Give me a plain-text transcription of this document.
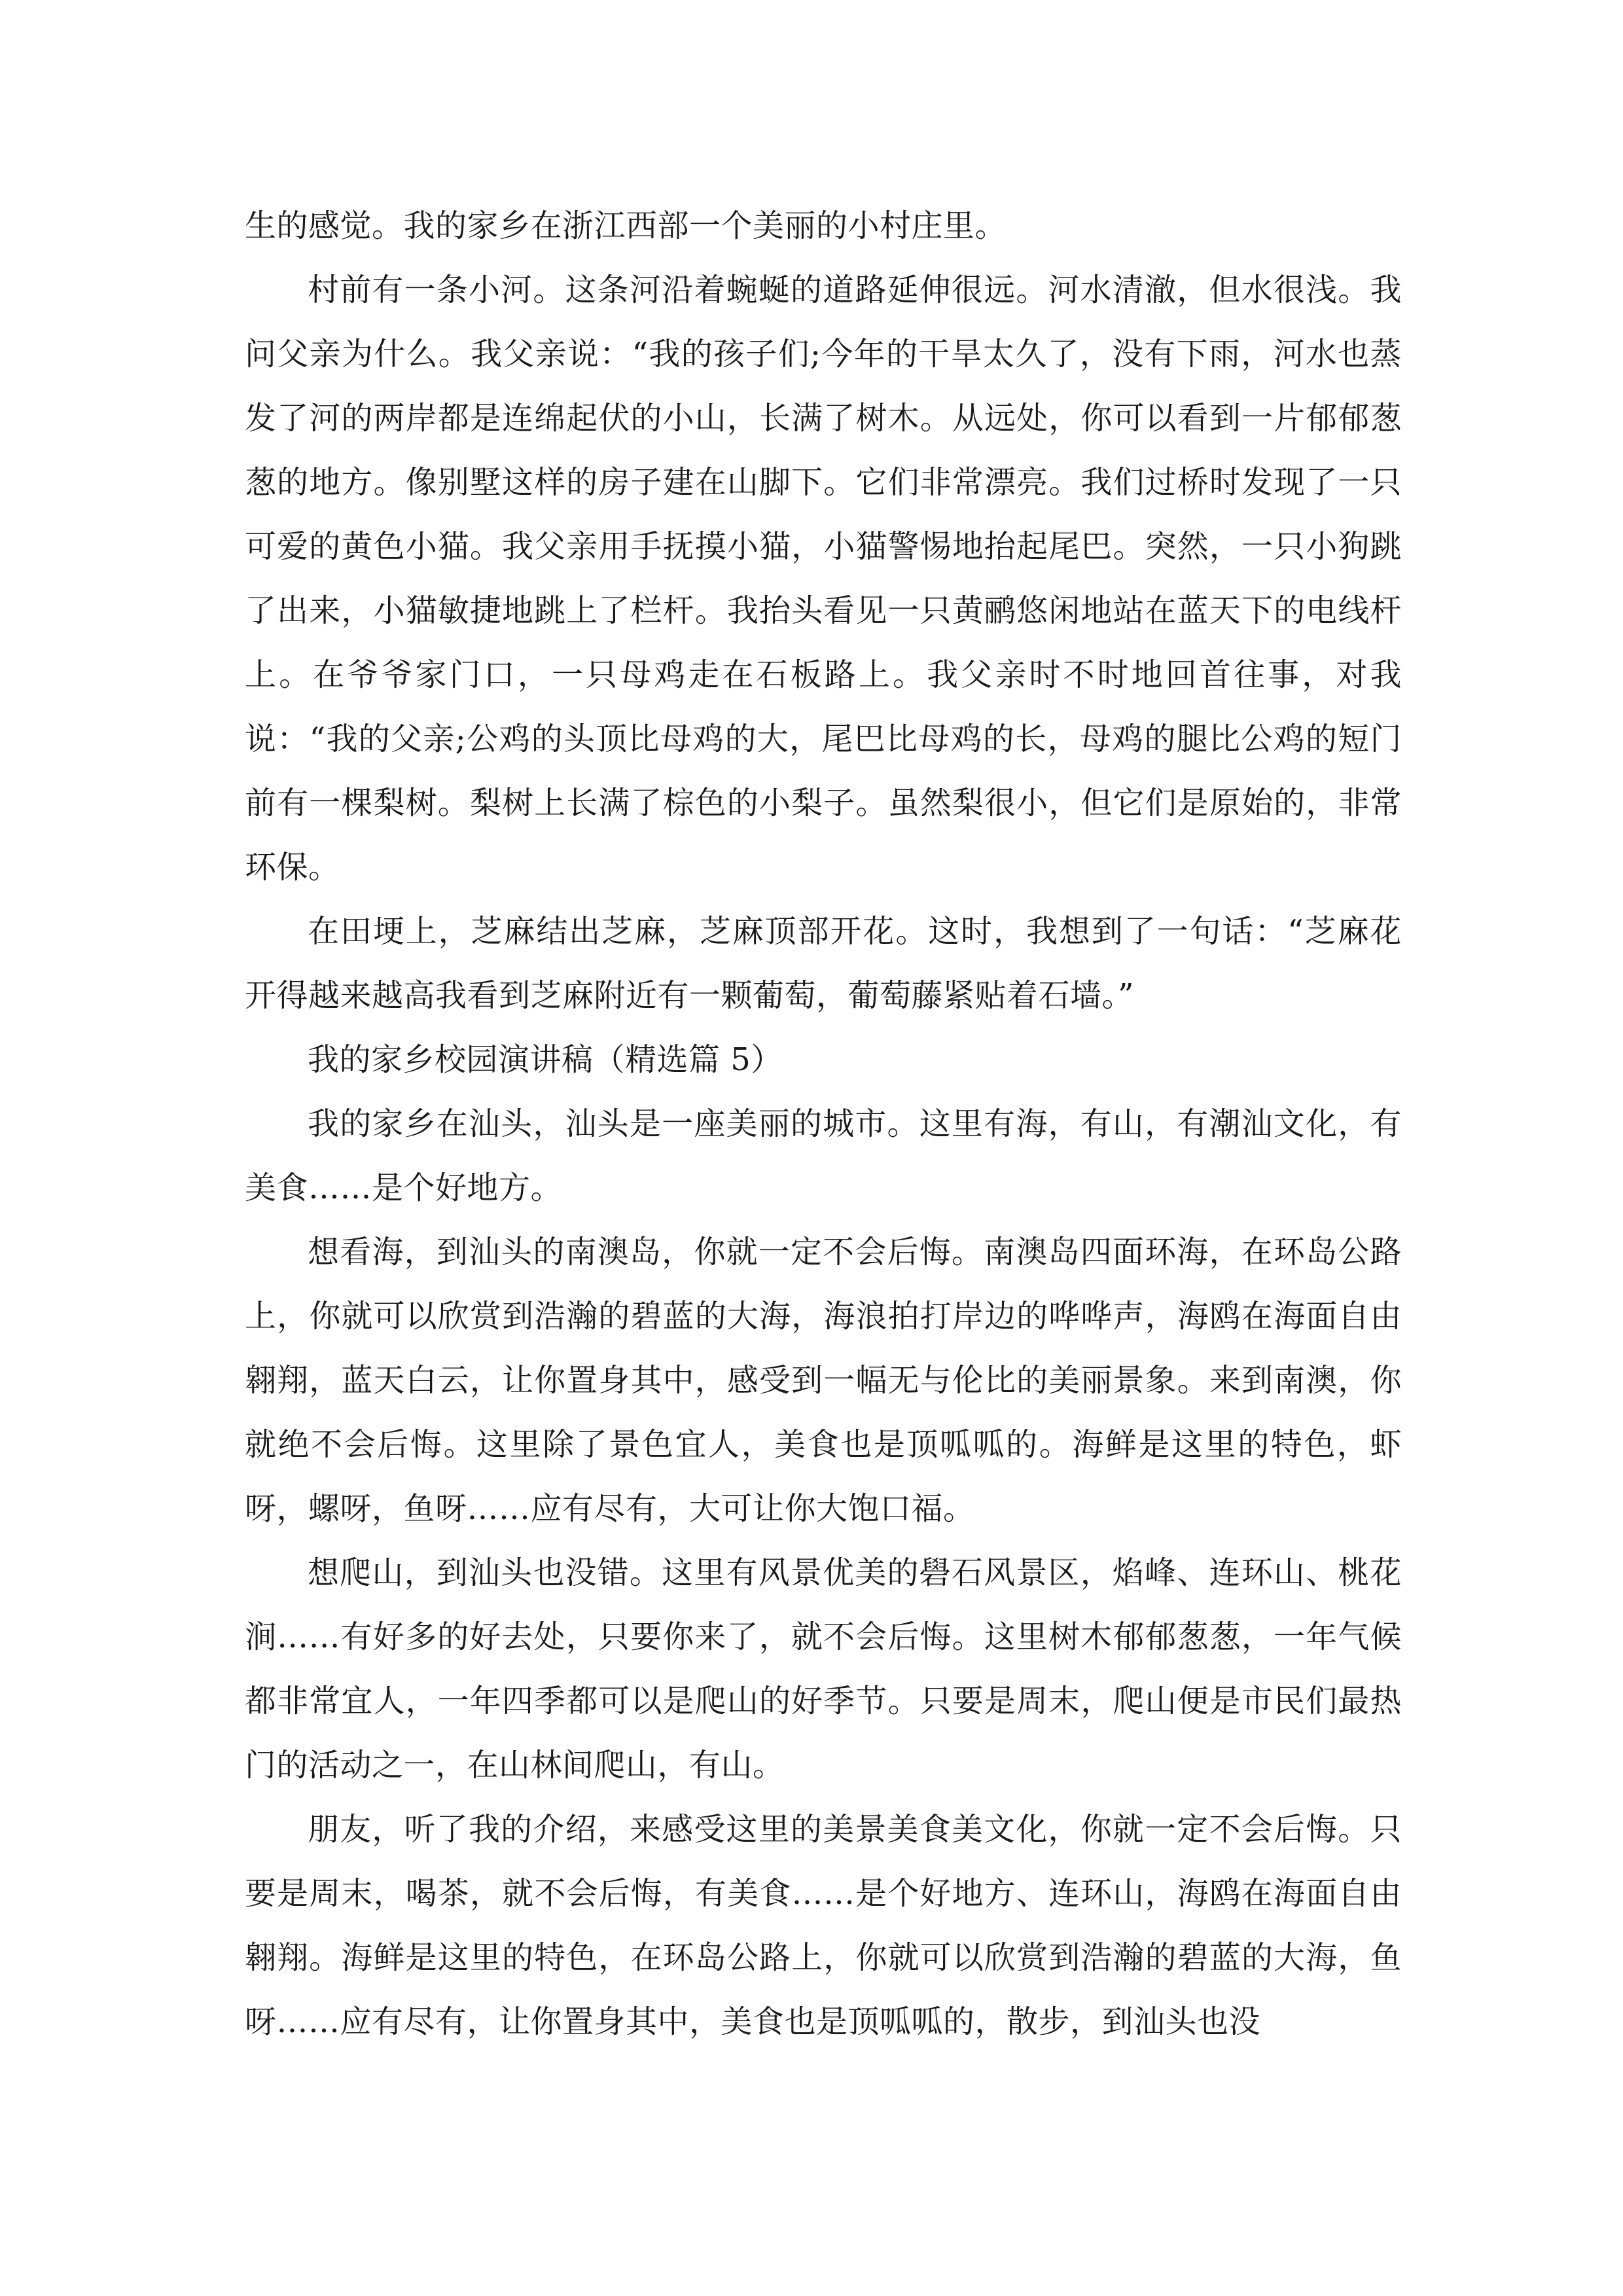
生的感觉。我的家乡在浙江西部一个美丽的小村庄里。

村前有一条小河。这条河沿着蜿蜒的道路延伸很远。河水清澈，但水很浅。我问父亲为什么。我父亲说：“我的孩子们;今年的干旱太久了，没有下雨，河水也蒸发了河的两岸都是连绵起伏的小山，长满了树木。从远处，你可以看到一片郁郁葱葱的地方。像别墅这样的房子建在山脚下。它们非常漂亮。我们过桥时发现了一只可爱的黄色小猫。我父亲用手抚摸小猫，小猫警惕地抬起尾巴。突然，一只小狗跳了出来，小猫敏捷地跳上了栏杆。我抬头看见一只黄鹂悠闲地站在蓝天下的电线杆上。在爷爷家门口，一只母鸡走在石板路上。我父亲时不时地回首往事，对我说：“我的父亲;公鸡的头顶比母鸡的大，尾巴比母鸡的长，母鸡的腿比公鸡的短门前有一棵梨树。梨树上长满了棕色的小梨子。虽然梨很小，但它们是原始的，非常环保。

在田埂上，芝麻结出芝麻，芝麻顶部开花。这时，我想到了一句话：“芝麻花开得越来越高我看到芝麻附近有一颗葡萄，葡萄藤紧贴着石墙。”

我的家乡校园演讲稿（精选篇 5）

我的家乡在汕头，汕头是一座美丽的城市。这里有海，有山，有潮汕文化，有美食……是个好地方。

想看海，到汕头的南澳岛，你就一定不会后悔。南澳岛四面环海，在环岛公路上，你就可以欣赏到浩瀚的碧蓝的大海，海浪拍打岸边的哗哗声，海鸥在海面自由翱翔，蓝天白云，让你置身其中，感受到一幅无与伦比的美丽景象。来到南澳，你就绝不会后悔。这里除了景色宜人，美食也是顶呱呱的。海鲜是这里的特色，虾呀，螺呀，鱼呀……应有尽有，大可让你大饱口福。

想爬山，到汕头也没错。这里有风景优美的礐石风景区，焰峰、连环山、桃花涧……有好多的好去处，只要你来了，就不会后悔。这里树木郁郁葱葱，一年气候都非常宜人，一年四季都可以是爬山的好季节。只要是周末，爬山便是市民们最热门的活动之一，在山林间爬山，有山。

朋友，听了我的介绍，来感受这里的美景美食美文化，你就一定不会后悔。只要是周末，喝茶，就不会后悔，有美食……是个好地方、连环山，海鸥在海面自由翱翔。海鲜是这里的特色，在环岛公路上，你就可以欣赏到浩瀚的碧蓝的大海，鱼呀……应有尽有，让你置身其中，美食也是顶呱呱的，散步，到汕头也没
